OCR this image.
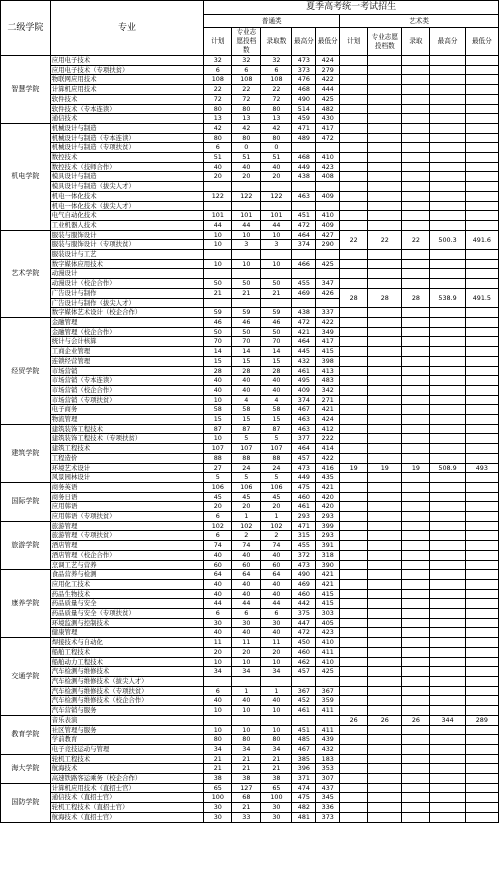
二级学院	专业	夏季高考统一考试招生									
		普通类					艺术类				
		计划	专业志愿投档数	录取数	最高分	最低分	计划	专业志愿投档数	录取	最高分	最低分
智慧学院	应用电子技术	32	32	32	473	424					
	应用电子技术（专项扶贫）	6	6	6	373	279					
	物联网应用技术	108	108	108	476	422					
	计算机应用技术	22	22	22	468	444					
	软件技术	72	72	72	490	425					
	软件技术（专本连读）	80	80	80	514	482					
	通信技术	13	13	13	459	430					
机电学院	机械设计与制造	42	42	42	471	417					
	机械设计与制造（专本连读）	80	80	80	489	472					
	机械设计与制造（专项扶贫）	6	0	0							
	数控技术	51	51	51	468	410					
	数控技术（技师合作）	40	40	40	449	423					
	模具设计与制造	20	20	20	438	408					
	模具设计与制造（拔尖人才）										
	机电一体化技术	122	122	122	463	409					
	机电一体化技术（拔尖人才）										
	电气自动化技术	101	101	101	451	410					
	工业机器人技术	44	44	44	472	409					
艺术学院	服装与服饰设计	10	10	10	464	427	22	22	22	500.3	491.6
	服装与服饰设计（专项扶贫）	10	3	3	374	290					
	服装设计与工艺										
	数字媒体应用技术	10	10	10	466	425					
	动漫设计										
	动漫设计（校企合作）	50	50	50	455	347					
	广告设计与制作	21	21	21	469	426	28	28	28	538.9	491.5
	广告设计与制作（拔尖人才）										
	数字媒体艺术设计（校企合作）	59	59	59	438	337					
经贸学院	金融管理	46	46	46	472	422					
	金融管理（校企合作）	50	50	50	421	349					
	统计与会计核算	70	70	70	464	417					
	工商企业管理	14	14	14	445	415					
	连锁经营管理	15	15	15	432	398					
	市场营销	28	28	28	461	413					
	市场营销（专本连读）	40	40	40	495	483					
	市场营销（校企合作）	40	40	40	409	342					
	市场营销（专项扶贫）	10	4	4	374	271					
	电子商务	58	58	58	467	421					
	物流管理	15	15	15	463	424					
建筑学院	建筑装饰工程技术	87	87	87	463	412					
	建筑装饰工程技术（专项扶贫）	10	5	5	377	222					
	建筑工程技术	107	107	107	464	414					
	工程造价	88	88	88	457	422					
	环境艺术设计	27	24	24	473	416	19	19	19	508.9	493
	风景园林设计	5	5	5	449	435					
国际学院	商务英语	106	106	106	475	421					
	商务日语	45	45	45	460	420					
	应用韩语	20	20	20	461	420					
	应用韩语（专项扶贫）	6	1	1	293	293					
旅游学院	旅游管理	102	102	102	471	399					
	旅游管理（专项扶贫）	6	2	2	315	293					
	酒店管理	74	74	74	455	391					
	酒店管理（校企合作）	40	40	40	372	318					
	烹调工艺与营养	60	60	60	473	390					
康养学院	食品营养与检测	64	64	64	490	421					
	应用化工技术	40	40	40	469	421					
	药品生物技术	40	40	40	460	415					
	药品质量与安全	44	44	44	442	415					
	药品质量与安全（专项扶贫）	6	6	6	375	303					
	环境监测与控制技术	30	30	30	447	405					
	健康管理	40	40	40	472	423					
交通学院	焊接技术与自动化	11	11	11	450	410					
	船舶工程技术	20	20	20	460	411					
	船舶动力工程技术	10	10	10	462	410					
	汽车检测与维修技术	34	34	34	457	425					
	汽车检测与维修技术（拔尖人才）										
	汽车检测与维修技术（专项扶贫）	6	1	1	367	367					
	汽车检测与维修技术（校企合作）	40	40	40	452	359					
	汽车营销与服务	10	10	10	461	411					
教育学院	音乐表演						26	26	26	344	289
	社区管理与服务	10	10	10	451	411					
	学前教育	80	80	80	485	439					
	电子竞技运动与管理	34	34	34	467	432					
海大学院	轮机工程技术	21	21	21	385	183					
	航海技术	21	21	21	396	353					
	高速铁路客运乘务（校企合作）	38	38	38	371	307					
国防学院	计算机应用技术（直招士官）	65	127	65	474	437					
	通信技术（直招士官）	100	68	100	475	345					
	轮机工程技术（直招士官）	30	21	30	482	336					
	航海技术（直招士官）	30	33	30	481	373					
